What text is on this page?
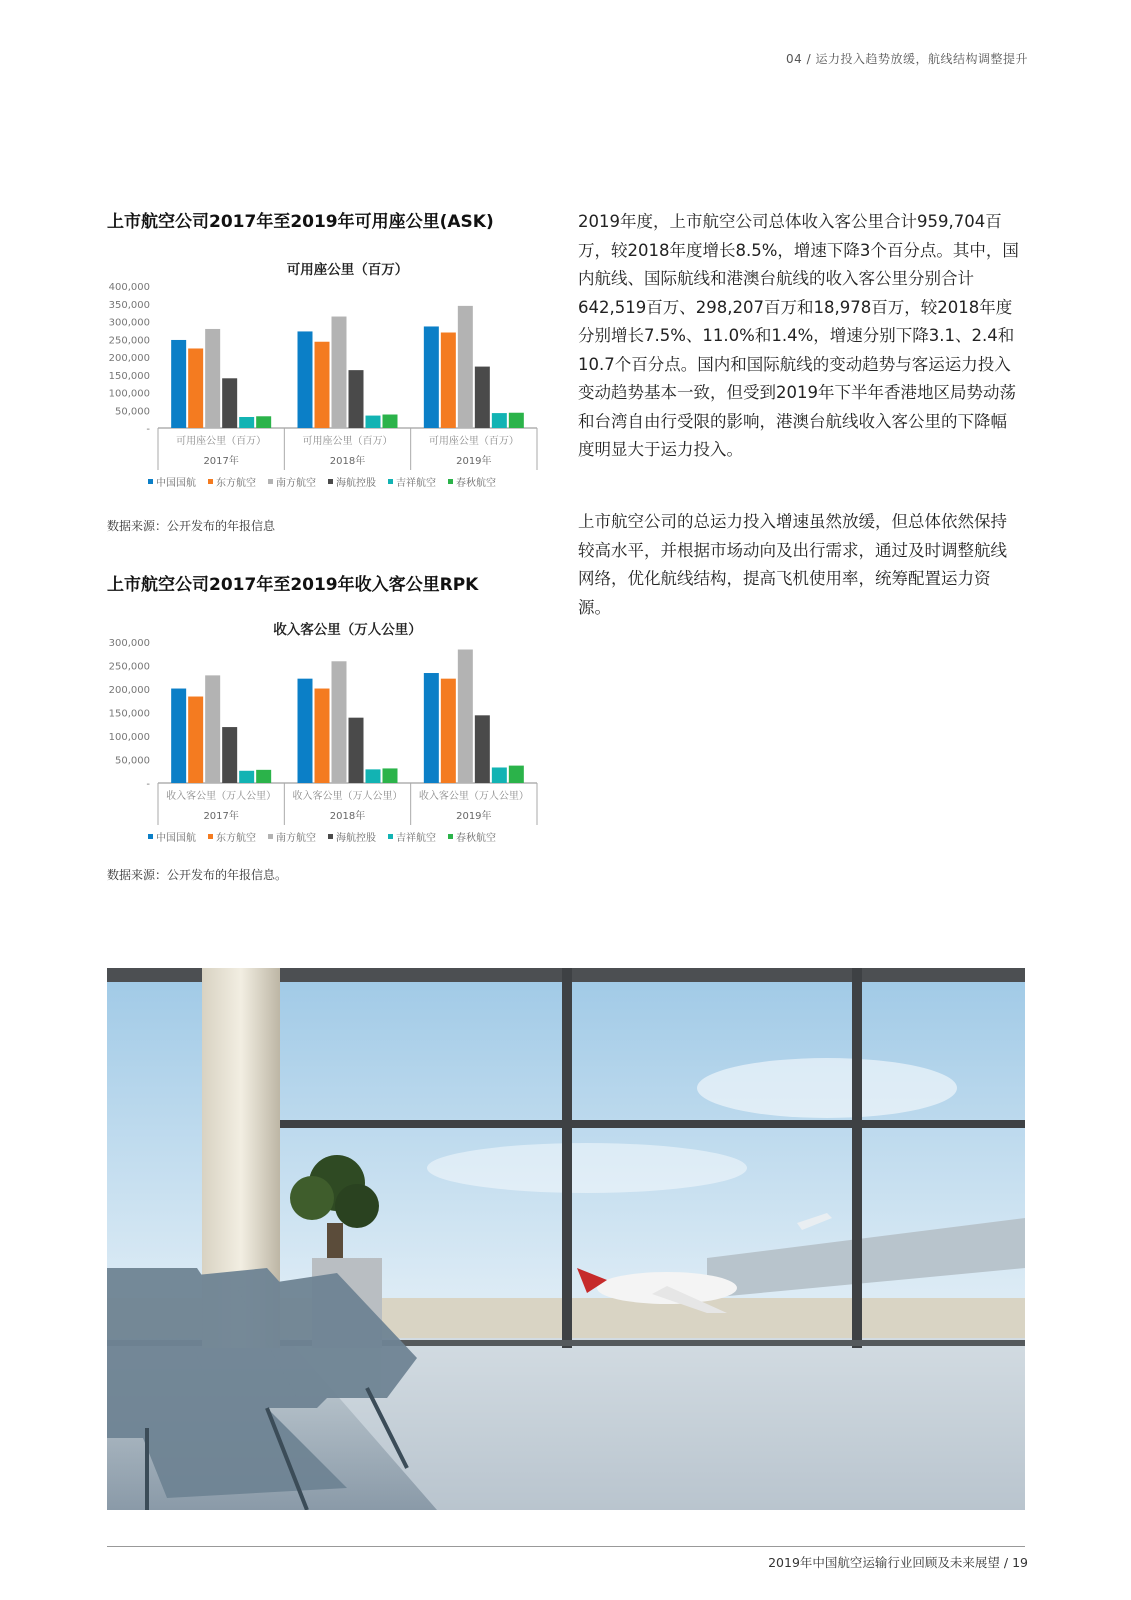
04 / 运力投入趋势放缓，航线结构调整提升
上市航空公司2017年至2019年可用座公里(ASK)
可用座公里（百万）
-
50,000
100,000
150,000
200,000
250,000
300,000
350,000
400,000
可用座公里（百万）
2017年
可用座公里（百万）
2018年
可用座公里（百万）
2019年
中国国航 东方航空 南方航空 海航控股 吉祥航空 春秋航空
数据来源：公开发布的年报信息
上市航空公司2017年至2019年收入客公里RPK
收入客公里（万人公里）
-
50,000
100,000
150,000
200,000
250,000
300,000
收入客公里（万人公里）
2017年
收入客公里（万人公里）
2018年
收入客公里（万人公里）
2019年
中国国航 东方航空 南方航空 海航控股 吉祥航空 春秋航空
数据来源：公开发布的年报信息。

2019年度，上市航空公司总体收入客公里合计959,704百万，较2018年度增长8.5%，增速下降3个百分点。其中，国内航线、国际航线和港澳台航线的收入客公里分别合计642,519百万、298,207百万和18,978百万，较2018年度分别增长7.5%、11.0%和1.4%，增速分别下降3.1、2.4和10.7个百分点。国内和国际航线的变动趋势与客运运力投入变动趋势基本一致，但受到2019年下半年香港地区局势动荡和台湾自由行受限的影响，港澳台航线收入客公里的下降幅度明显大于运力投入。

上市航空公司的总运力投入增速虽然放缓，但总体依然保持较高水平，并根据市场动向及出行需求，通过及时调整航线网络，优化航线结构，提高飞机使用率，统筹配置运力资源。

2019年中国航空运输行业回顾及未来展望 / 19
